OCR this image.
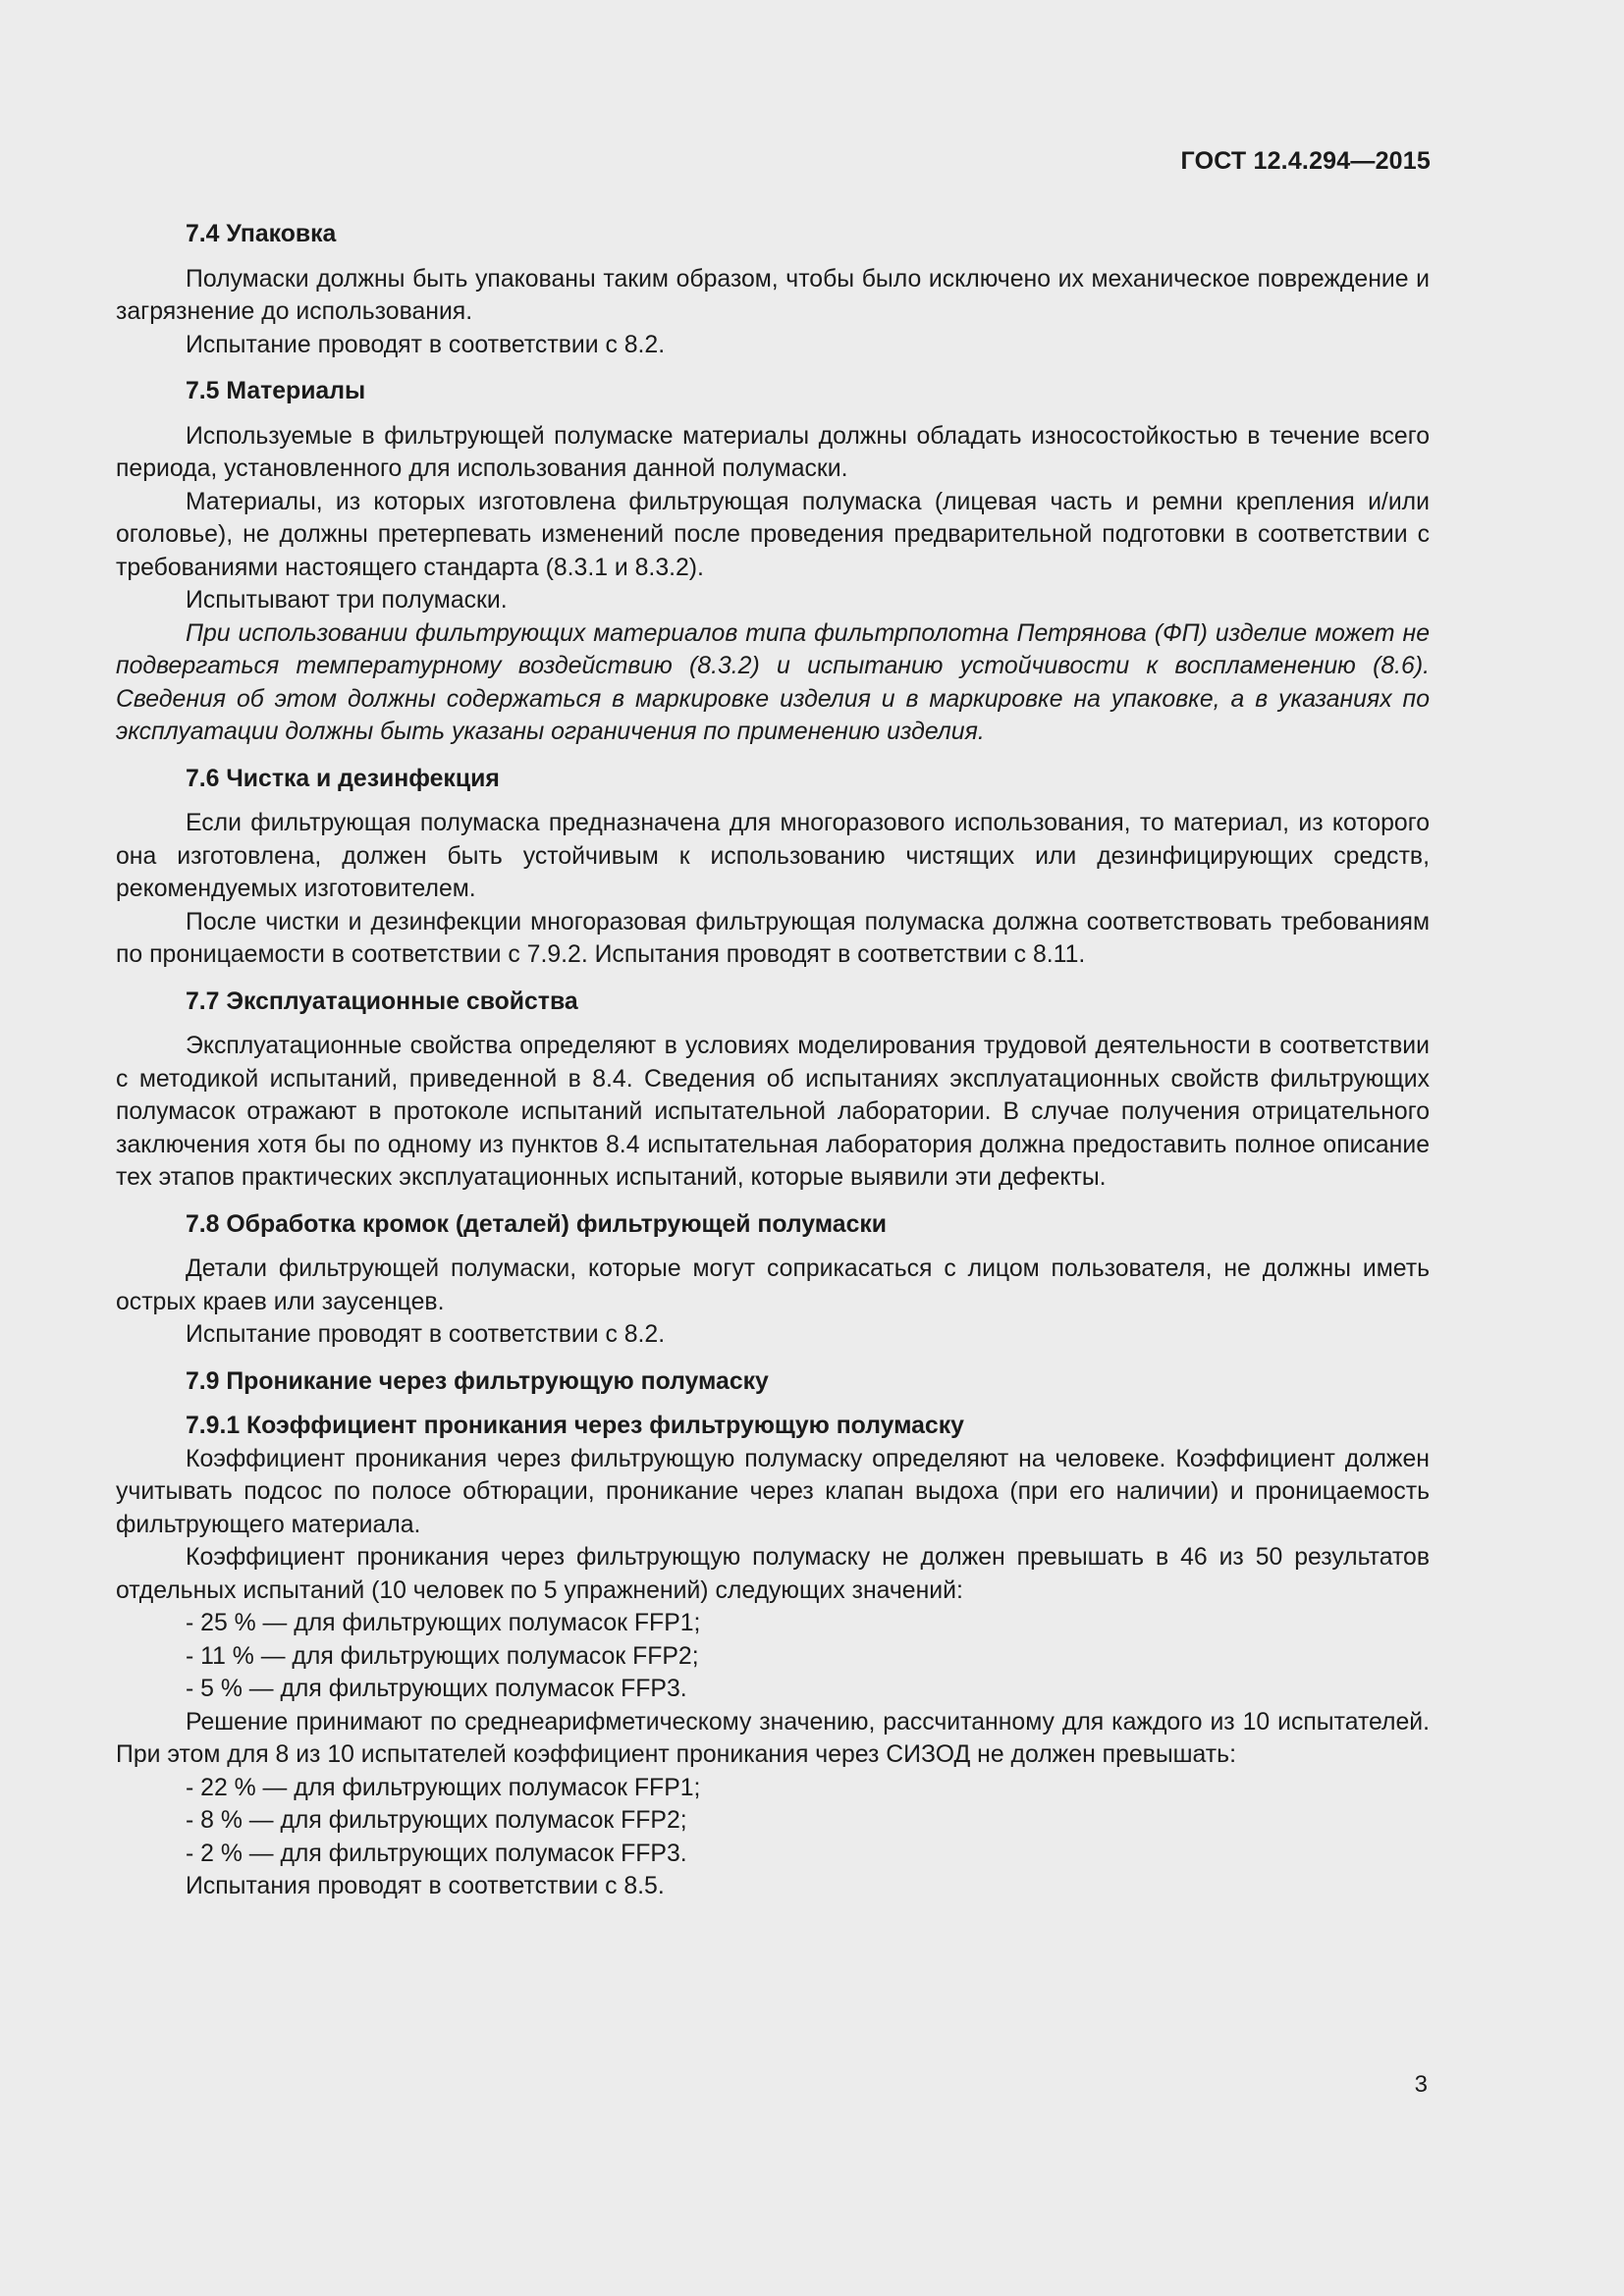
ГОСТ 12.4.294—2015
7.4 Упаковка

Полумаски должны быть упакованы таким образом, чтобы было исключено их механическое повреждение и загрязнение до использования.

Испытание проводят в соответствии с 8.2.

7.5 Материалы

Используемые в фильтрующей полумаске материалы должны обладать износостойкостью в течение всего периода, установленного для использования данной полумаски.

Материалы, из которых изготовлена фильтрующая полумаска (лицевая часть и ремни крепления и/или оголовье), не должны претерпевать изменений после проведения предварительной подготовки в соответствии с требованиями настоящего стандарта (8.3.1 и 8.3.2).

Испытывают три полумаски.

При использовании фильтрующих материалов типа фильтрполотна Петрянова (ФП) изделие может не подвергаться температурному воздействию (8.3.2) и испытанию устойчивости к воспламенению (8.6). Сведения об этом должны содержаться в маркировке изделия и в маркировке на упаковке, а в указаниях по эксплуатации должны быть указаны ограничения по применению изделия.

7.6 Чистка и дезинфекция

Если фильтрующая полумаска предназначена для многоразового использования, то материал, из которого она изготовлена, должен быть устойчивым к использованию чистящих или дезинфицирующих средств, рекомендуемых изготовителем.

После чистки и дезинфекции многоразовая фильтрующая полумаска должна соответствовать требованиям по проницаемости в соответствии с 7.9.2. Испытания проводят в соответствии с 8.11.

7.7 Эксплуатационные свойства

Эксплуатационные свойства определяют в условиях моделирования трудовой деятельности в соответствии с методикой испытаний, приведенной в 8.4. Сведения об испытаниях эксплуатационных свойств фильтрующих полумасок отражают в протоколе испытаний испытательной лаборатории. В случае получения отрицательного заключения хотя бы по одному из пунктов 8.4 испытательная лаборатория должна предоставить полное описание тех этапов практических эксплуатационных испытаний, которые выявили эти дефекты.

7.8 Обработка кромок (деталей) фильтрующей полумаски

Детали фильтрующей полумаски, которые могут соприкасаться с лицом пользователя, не должны иметь острых краев или заусенцев.

Испытание проводят в соответствии с 8.2.

7.9 Проникание через фильтрующую полумаску
7.9.1 Коэффициент проникания через фильтрующую полумаску

Коэффициент проникания через фильтрующую полумаску определяют на человеке. Коэффициент должен учитывать подсос по полосе обтюрации, проникание через клапан выдоха (при его наличии) и проницаемость фильтрующего материала.

Коэффициент проникания через фильтрующую полумаску не должен превышать в 46 из 50 результатов отдельных испытаний (10 человек по 5 упражнений) следующих значений:

- 25 % — для фильтрующих полумасок FFP1;
- 11 % — для фильтрующих полумасок FFP2;
- 5 % — для фильтрующих полумасок FFP3.

Решение принимают по среднеарифметическому значению, рассчитанному для каждого из 10 испытателей. При этом для 8 из 10 испытателей коэффициент проникания через СИЗОД не должен превышать:

- 22 % — для фильтрующих полумасок FFP1;
- 8 % — для фильтрующих полумасок FFP2;
- 2 % — для фильтрующих полумасок FFP3.

Испытания проводят в соответствии с 8.5.

3
